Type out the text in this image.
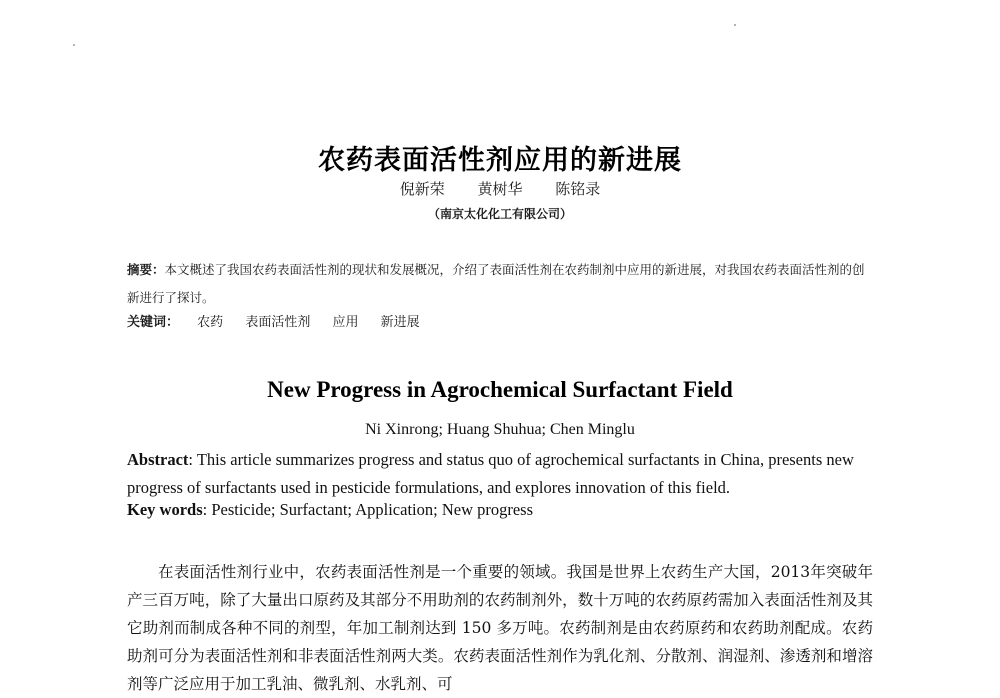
农药表面活性剂应用的新进展
倪新荣 黄树华 陈铭录
（南京太化化工有限公司）
摘要：本文概述了我国农药表面活性剂的现状和发展概况，介绍了表面活性剂在农药制剂中应用的新进展，对我国农药表面活性剂的创新进行了探讨。
关键词： 农药 表面活性剂 应用 新进展
New Progress in Agrochemical Surfactant Field
Ni Xinrong; Huang Shuhua; Chen Minglu
Abstract: This article summarizes progress and status quo of agrochemical surfactants in China, presents new progress of surfactants used in pesticide formulations, and explores innovation of this field.
Key words: Pesticide; Surfactant; Application; New progress
在表面活性剂行业中，农药表面活性剂是一个重要的领域。我国是世界上农药生产大国，2013年突破年产三百万吨，除了大量出口原药及其部分不用助剂的农药制剂外，数十万吨的农药原药需加入表面活性剂及其它助剂而制成各种不同的剂型，年加工制剂达到 150 多万吨。农药制剂是由农药原药和农药助剂配成。农药助剂可分为表面活性剂和非表面活性剂两大类。农药表面活性剂作为乳化剂、分散剂、润湿剂、渗透剂和增溶剂等广泛应用于加工乳油、微乳剂、水乳剂、可
